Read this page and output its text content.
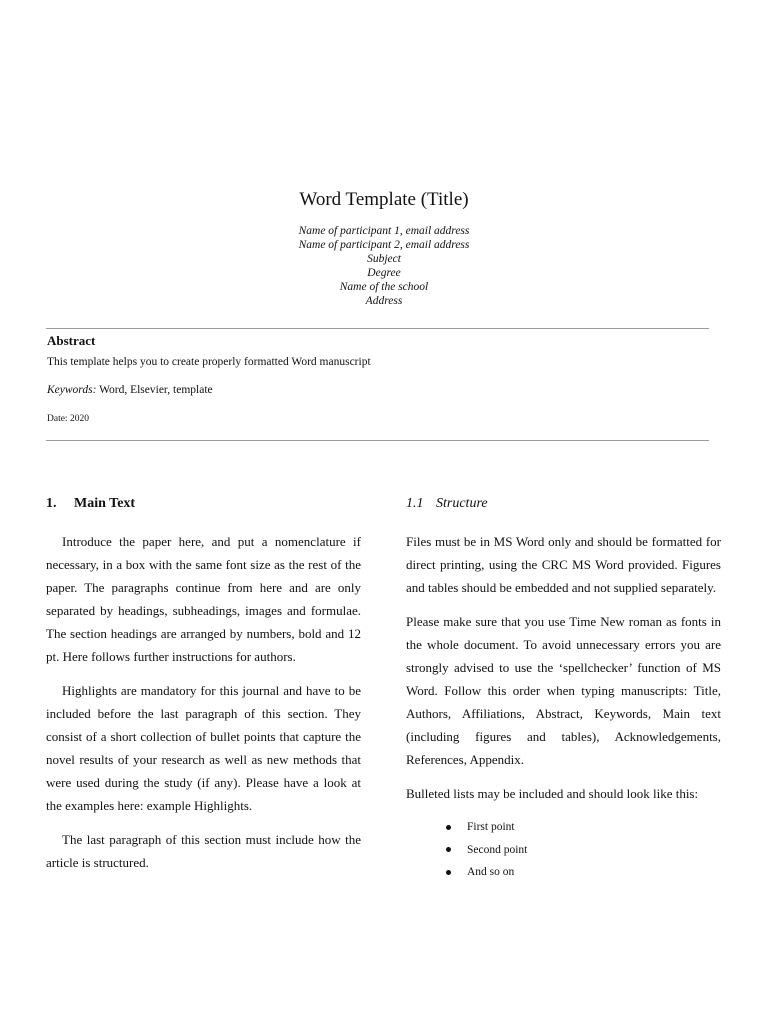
Word Template (Title)
Name of participant 1, email address
Name of participant 2, email address
Subject
Degree
Name of the school
Address
Abstract
This template helps you to create properly formatted Word manuscript
Keywords: Word, Elsevier, template
Date: 2020
1. Main Text

Introduce the paper here, and put a nomenclature if necessary, in a box with the same font size as the rest of the paper. The paragraphs continue from here and are only separated by headings, subheadings, images and formulae. The section headings are arranged by numbers, bold and 12 pt. Here follows further instructions for authors.

Highlights are mandatory for this journal and have to be included before the last paragraph of this section. They consist of a short collection of bullet points that capture the novel results of your research as well as new methods that were used during the study (if any). Please have a look at the examples here: example Highlights.

The last paragraph of this section must include how the article is structured.

1.1 Structure

Files must be in MS Word only and should be formatted for direct printing, using the CRC MS Word provided. Figures and tables should be embedded and not supplied separately.

Please make sure that you use Time New roman as fonts in the whole document. To avoid unnecessary errors you are strongly advised to use the ‘spellchecker’ function of MS Word. Follow this order when typing manuscripts: Title, Authors, Affiliations, Abstract, Keywords, Main text (including figures and tables), Acknowledgements, References, Appendix.

Bulleted lists may be included and should look like this:

First point
Second point
And so on
